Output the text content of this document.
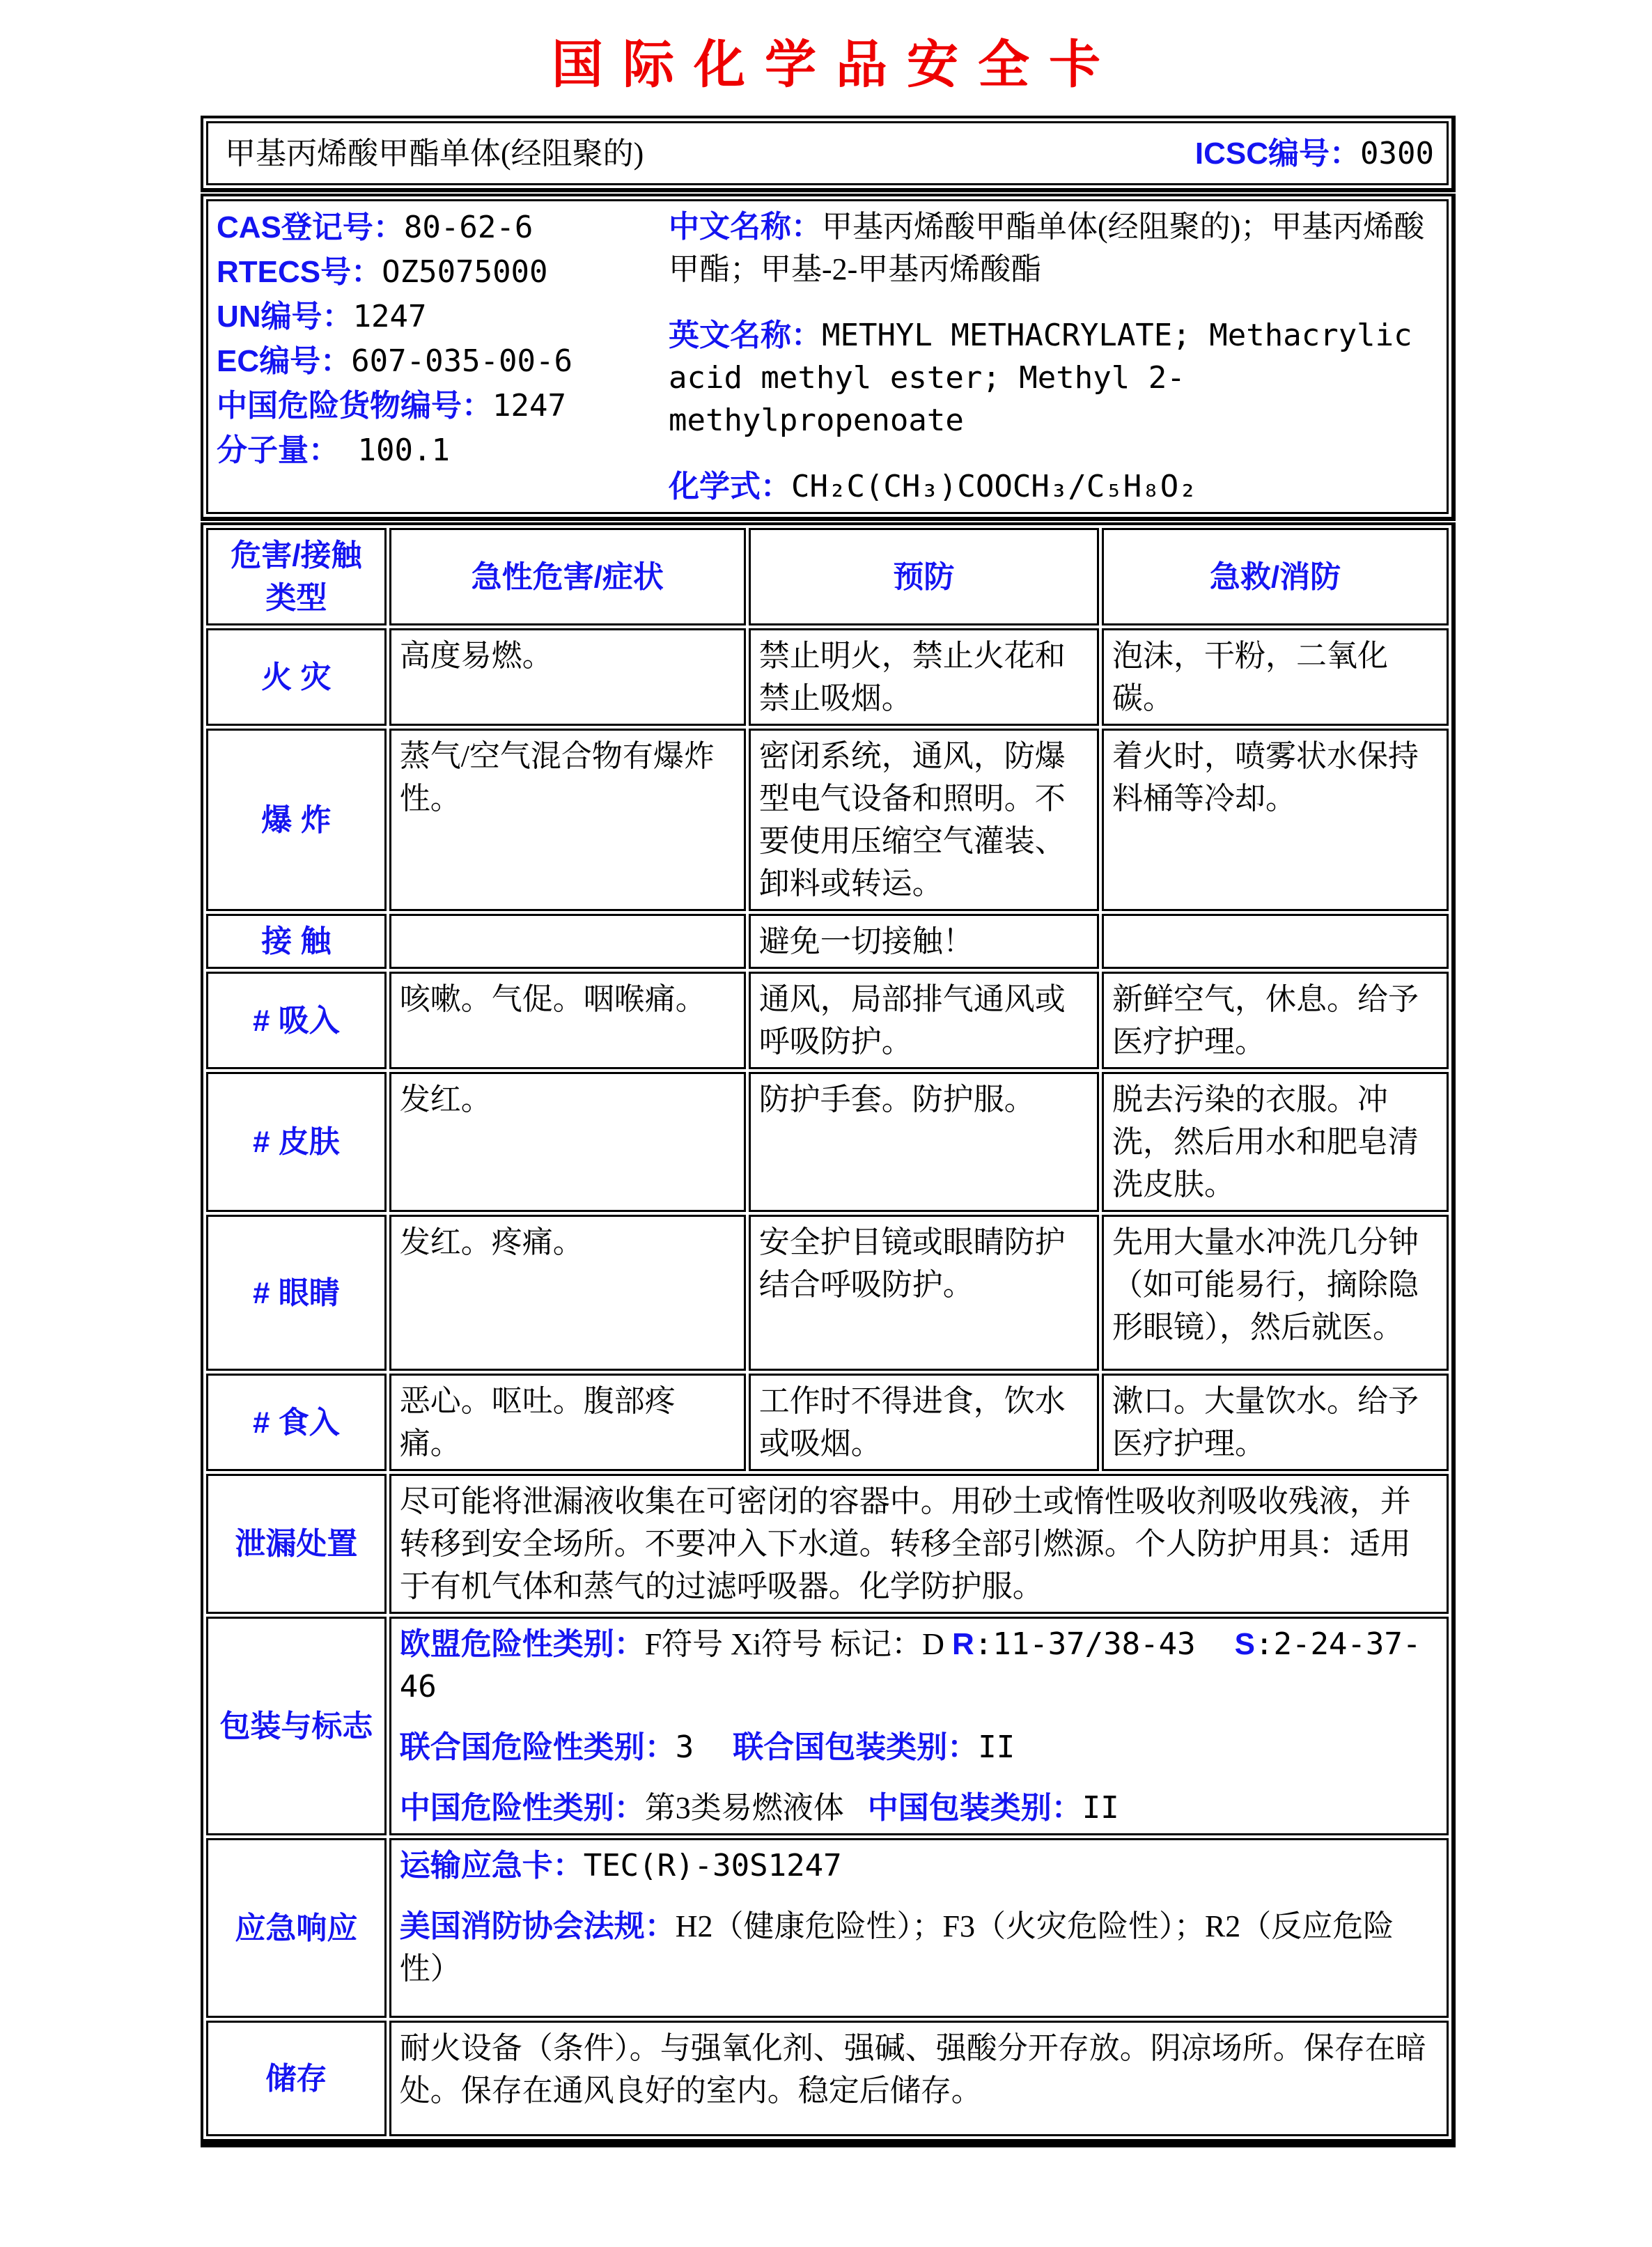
国际化学品安全卡
甲基丙烯酸甲酯单体(经阻聚的)	ICSC编号：0300
CAS登记号：80-62-6
RTECS号：OZ5075000
UN编号：1247
EC编号：607-035-00-6
中国危险货物编号：1247
分子量： 100.1

中文名称：甲基丙烯酸甲酯单体(经阻聚的)；甲基丙烯酸甲酯；甲基-2-甲基丙烯酸酯

英文名称：METHYL METHACRYLATE; Methacrylic acid methyl ester; Methyl 2-methylpropenoate

化学式：CH₂C(CH₃)COOCH₃/C₅H₈O₂

危害/接触 类型	急性危害/症状	预防	急救/消防
火 灾	高度易燃。	禁止明火，禁止火花和禁止吸烟。	泡沫，干粉，二氧化碳。
爆 炸	蒸气/空气混合物有爆炸性。	密闭系统，通风，防爆型电气设备和照明。不要使用压缩空气灌装、卸料或转运。	着火时，喷雾状水保持料桶等冷却。
接 触		避免一切接触！	
# 吸入	咳嗽。气促。咽喉痛。	通风，局部排气通风或呼吸防护。	新鲜空气，休息。给予医疗护理。
# 皮肤	发红。	防护手套。防护服。	脱去污染的衣服。冲洗，然后用水和肥皂清洗皮肤。
# 眼睛	发红。疼痛。	安全护目镜或眼睛防护结合呼吸防护。	先用大量水冲洗几分钟（如可能易行，摘除隐形眼镜），然后就医。
# 食入	恶心。呕吐。腹部疼痛。	工作时不得进食，饮水或吸烟。	漱口。大量饮水。给予医疗护理。
泄漏处置	尽可能将泄漏液收集在可密闭的容器中。用砂土或惰性吸收剂吸收残液，并转移到安全场所。不要冲入下水道。转移全部引燃源。个人防护用具：适用于有机气体和蒸气的过滤呼吸器。化学防护服。		
包装与标志	欧盟危险性类别：F符号 Xi符号 标记：D R:11-37/38-43 S:2-24-37-46

联合国危险性类别：3 联合国包装类别：II

中国危险性类别：第3类易燃液体 中国包装类别：II		

应急响应	运输应急卡：TEC(R)-30S1247

美国消防协会法规：H2（健康危险性）；F3（火灾危险性）；R2（反应危险性）		

储存	耐火设备（条件）。与强氧化剂、强碱、强酸分开存放。阴凉场所。保存在暗处。保存在通风良好的室内。稳定后储存。		
